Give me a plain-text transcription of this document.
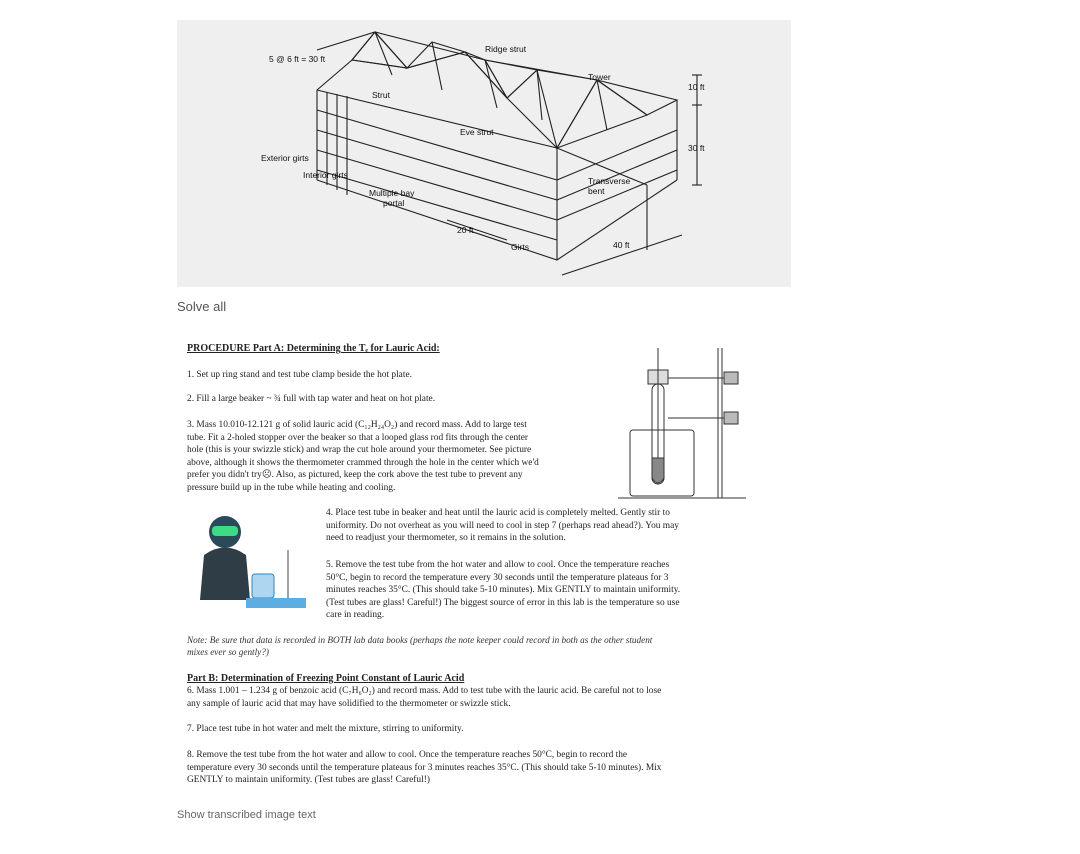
5 @ 6 ft = 30 ft
Ridge strut
Tower
Strut
10 ft
Eve strut
30 ft
Exterior girts
Interior girts
Multiple bay
portal
Transverse
bent
20 ft
Girts	40 ft
Solve all
PROCEDURE Part A: Determining the Tₑ for Lauric Acid:
1. Set up ring stand and test tube clamp beside the hot plate.
2. Fill a large beaker ~ ¾ full with tap water and heat on hot plate.
3. Mass 10.010-12.121 g of solid lauric acid (C₁₂H₂₄O₂) and record mass. Add to large test
tube. Fit a 2-holed stopper over the beaker so that a looped glass rod fits through the center
hole (this is your swizzle stick) and wrap the cut hole around your thermometer. See picture
above, although it shows the thermometer crammed through the hole in the center which we'd
prefer you didn't try☹. Also, as pictured, keep the cork above the test tube to prevent any
pressure build up in the tube while heating and cooling.
4. Place test tube in beaker and heat until the lauric acid is completely melted. Gently stir to
uniformity. Do not overheat as you will need to cool in step 7 (perhaps read ahead?). You may
need to readjust your thermometer, so it remains in the solution.
5. Remove the test tube from the hot water and allow to cool. Once the temperature reaches
50°C, begin to record the temperature every 30 seconds until the temperature plateaus for 3
minutes reaches 35°C. (This should take 5-10 minutes). Mix GENTLY to maintain uniformity.
(Test tubes are glass! Careful!) The biggest source of error in this lab is the temperature so use
care in reading.
Note: Be sure that data is recorded in BOTH lab data books (perhaps the note keeper could record in both as the other student
mixes ever so gently?)
Part B: Determination of Freezing Point Constant of Lauric Acid
6. Mass 1.001 – 1.234 g of benzoic acid (C₇H₆O₂) and record mass. Add to test tube with the lauric acid. Be careful not to lose
any sample of lauric acid that may have solidified to the thermometer or swizzle stick.
7. Place test tube in hot water and melt the mixture, stirring to uniformity.
8. Remove the test tube from the hot water and allow to cool. Once the temperature reaches 50°C, begin to record the
temperature every 30 seconds until the temperature plateaus for 3 minutes reaches 35°C. (This should take 5-10 minutes). Mix
GENTLY to maintain uniformity. (Test tubes are glass! Careful!)
Show transcribed image text
